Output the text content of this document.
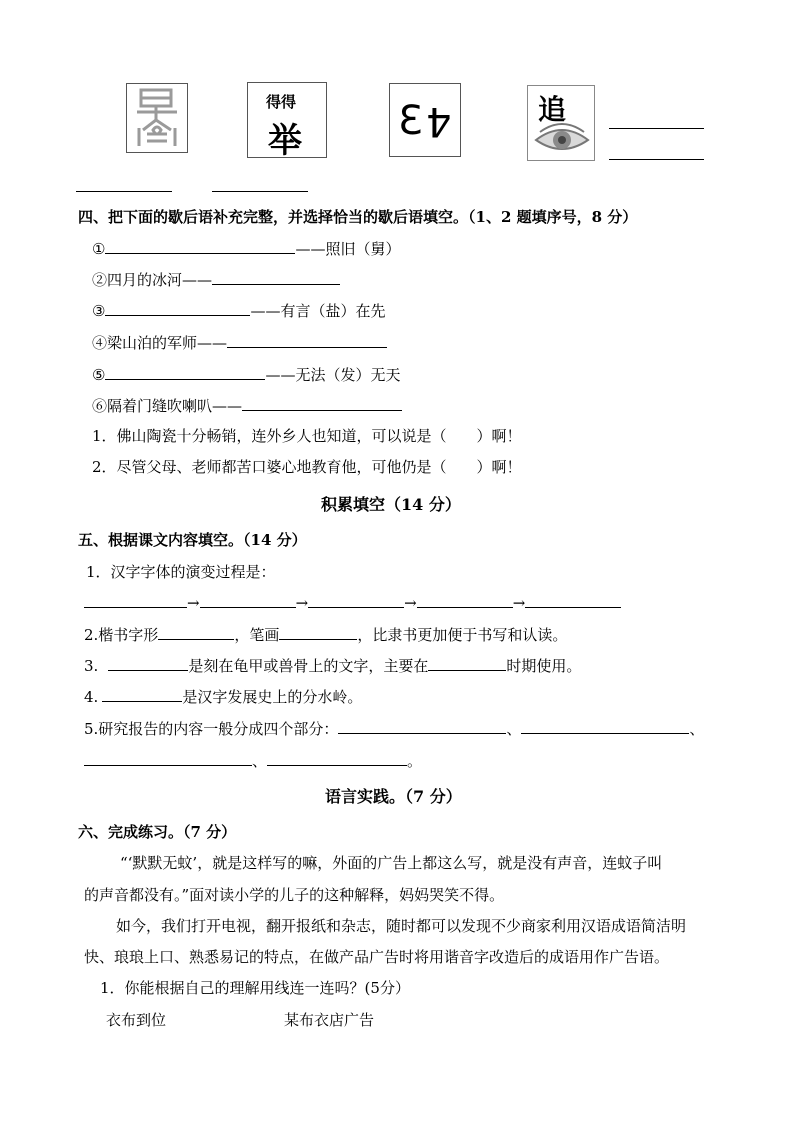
得得
举 3 4	追
四、把下面的歇后语补充完整，并选择恰当的歇后语填空。（1、2 题填序号，8 分）
①	——照旧（舅）
②四月的冰河——
③	——有言（盐）在先
④梁山泊的军师——
⑤	——无法（发）无天
⑥隔着门缝吹喇叭——
1．佛山陶瓷十分畅销，连外乡人也知道，可以说是（　　）啊！
2．尽管父母、老师都苦口婆心地教育他，可他仍是（　　）啊！
积累填空（14 分）
五、根据课文内容填空。（14 分）
1．汉字字体的演变过程是：
→	→	→	→
2.楷书字形	，笔画	，比隶书更加便于书写和认读。
3.	是刻在龟甲或兽骨上的文字，主要在	时期使用。
4.	是汉字发展史上的分水岭。
5.研究报告的内容一般分成四个部分：	、	、
、	。
语言实践。（7 分）
六、完成练习。（7 分）
“‘默默无蚊’，就是这样写的嘛，外面的广告上都这么写，就是没有声音，连蚊子叫
的声音都没有。”面对读小学的儿子的这种解释，妈妈哭笑不得。
如今，我们打开电视，翻开报纸和杂志，随时都可以发现不少商家利用汉语成语简洁明
快、琅琅上口、熟悉易记的特点，在做产品广告时将用谐音字改造后的成语用作广告语。
1．你能根据自己的理解用线连一连吗？(5分）
衣布到位	某布衣店广告
